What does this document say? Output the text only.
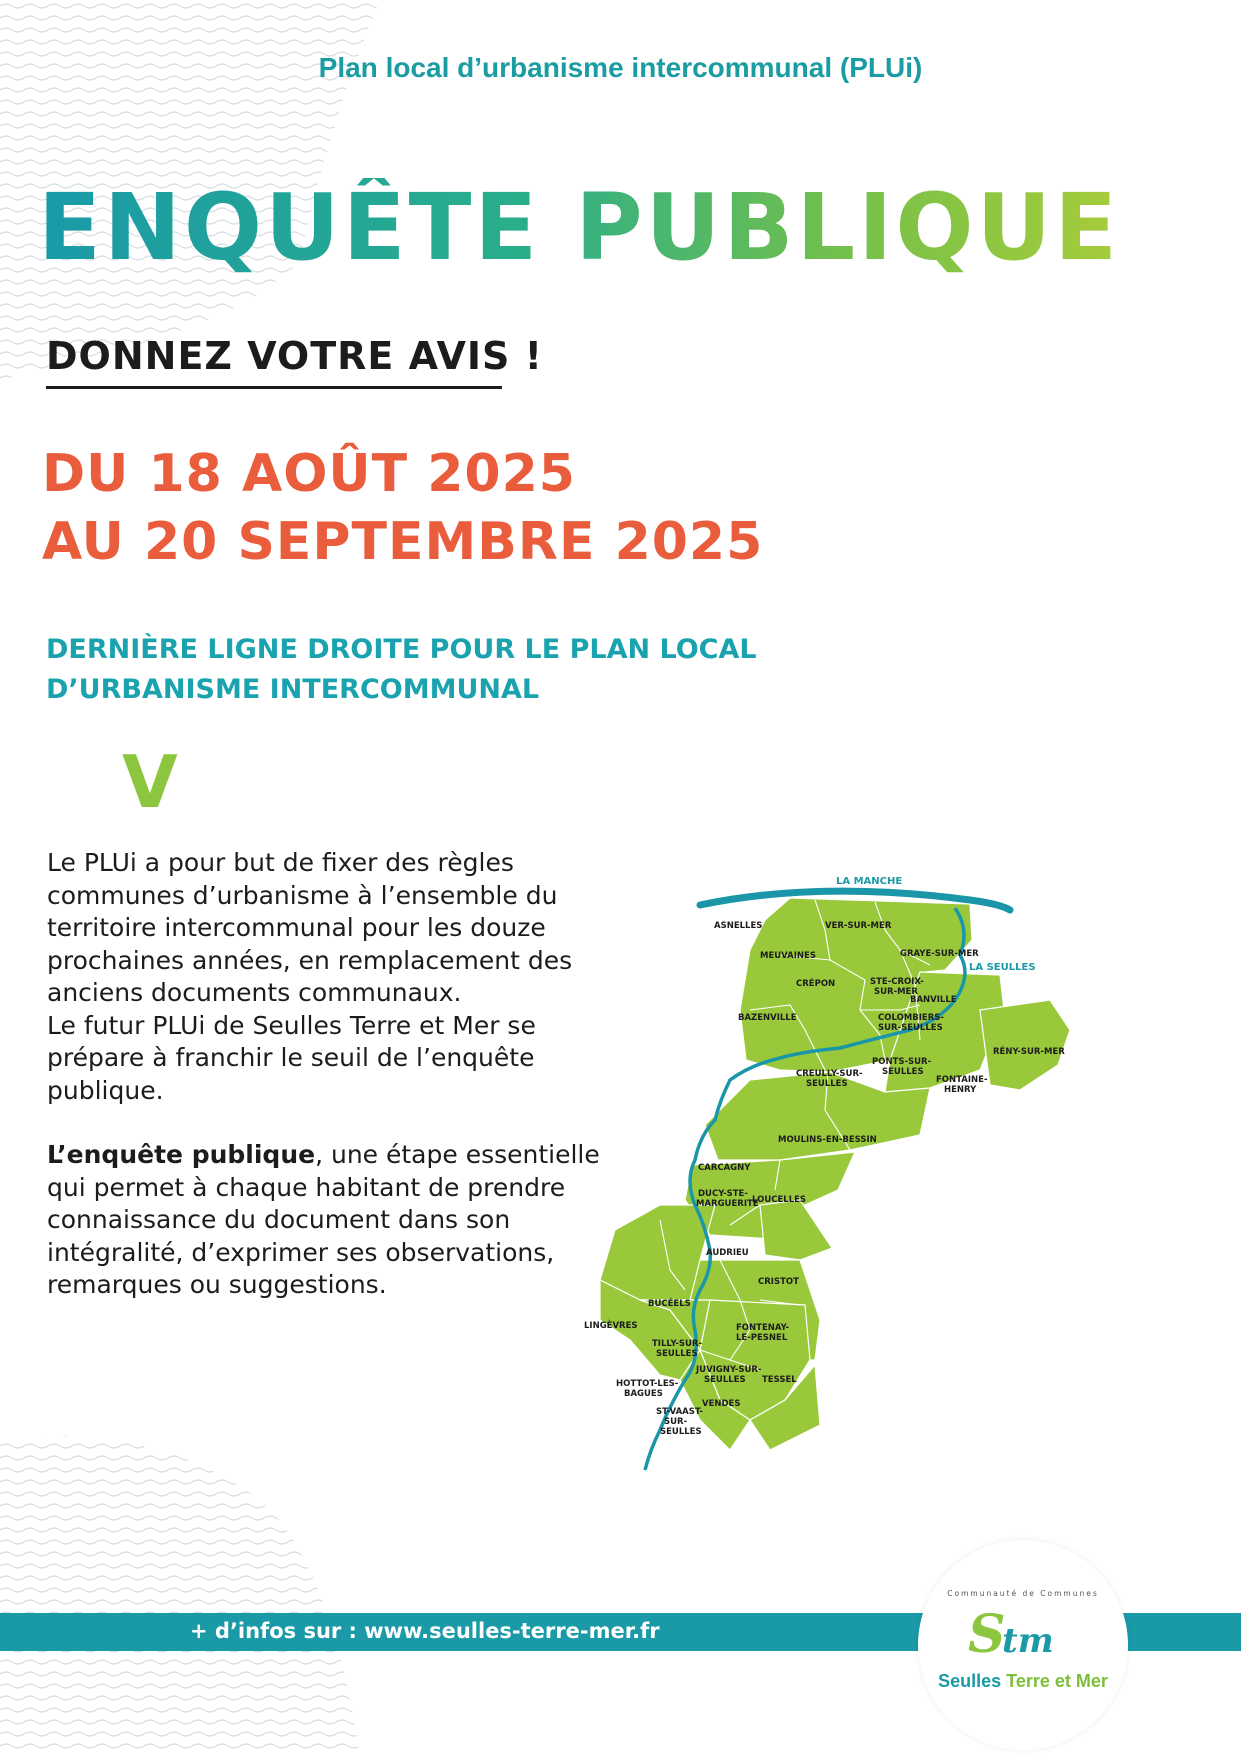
Plan local d’urbanisme intercommunal (PLUi)
ENQUÊTE PUBLIQUE
DONNEZ VOTRE AVIS !
DU 18 AOÛT 2025
AU 20 SEPTEMBRE 2025
DERNIÈRE LIGNE DROITE POUR LE PLAN LOCAL
D’URBANISME INTERCOMMUNAL
V

Le PLUi a pour but de fixer des règles
communes d’urbanisme à l’ensemble du
territoire intercommunal pour les douze
prochaines années, en remplacement des
anciens documents communaux.
Le futur PLUi de Seulles Terre et Mer se
prépare à franchir le seuil de l’enquête
publique.

L’enquête publique, une étape essentielle
qui permet à chaque habitant de prendre
connaissance du document dans son
intégralité, d’exprimer ses observations,
remarques ou suggestions.

LA MANCHE
LA SEULLES
ASNELLES	VER-SUR-MER
MEUVAINES	GRAYE-SUR-MER
CRÉPON	STE-CROIX-
SUR-MER
BANVILLE
BAZENVILLE	COLOMBIERS-
SUR-SEULLES
RÉNY-SUR-MER
PONTS-SUR-
SEULLES
FONTAINE-
HENRY
CREULLY-SUR-
SEULLES
MOULINS-EN-BESSIN
CARCAGNY
DUCY-STE-
MARGUERITE
LOUCELLES
AUDRIEU
CRISTOT
BUCÉELS
LINGÈVRES	FONTENAY-
LE-PESNEL
TILLY-SUR-
SEULLES
JUVIGNY-SUR-
SEULLES TESSEL
HOTTOT-LES-
BAGUES
VENDES
ST-VAAST-
SUR-
SEULLES
+ d’infos sur : www.seulles-terre-mer.fr
Communauté de Communes
S
tm
Seulles Terre et Mer
